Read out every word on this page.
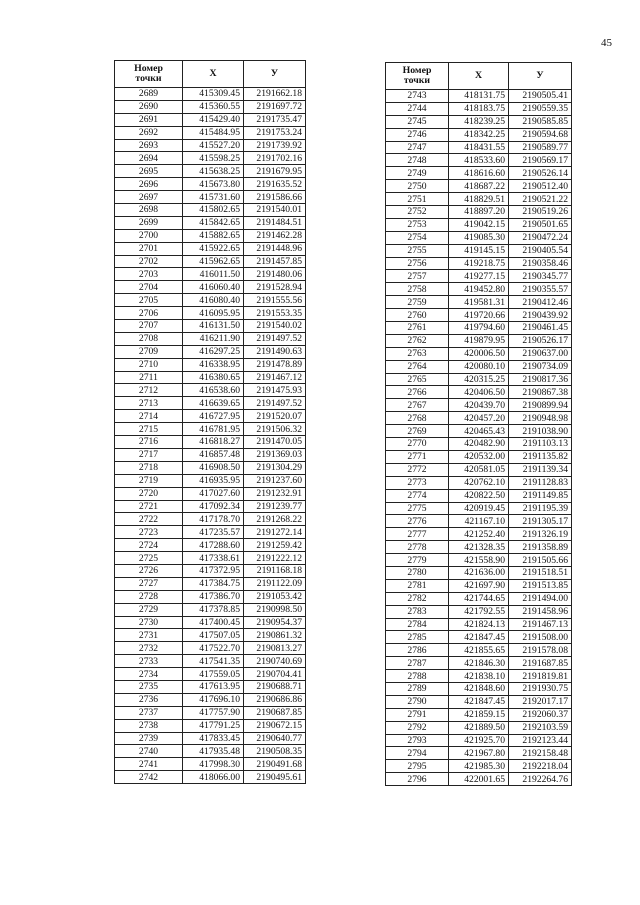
45
Номер
точки	X	У
2689	415309.45	2191662.18
2690	415360.55	2191697.72
2691	415429.40	2191735.47
2692	415484.95	2191753.24
2693	415527.20	2191739.92
2694	415598.25	2191702.16
2695	415638.25	2191679.95
2696	415673.80	2191635.52
2697	415731.60	2191586.66
2698	415802.65	2191540.01
2699	415842.65	2191484.51
2700	415882.65	2191462.28
2701	415922.65	2191448.96
2702	415962.65	2191457.85
2703	416011.50	2191480.06
2704	416060.40	2191528.94
2705	416080.40	2191555.56
2706	416095.95	2191553.35
2707	416131.50	2191540.02
2708	416211.90	2191497.52
2709	416297.25	2191490.63
2710	416338.95	2191478.89
2711	416380.65	2191467.12
2712	416538.60	2191475.93
2713	416639.65	2191497.52
2714	416727.95	2191520.07
2715	416781.95	2191506.32
2716	416818.27	2191470.05
2717	416857.48	2191369.03
2718	416908.50	2191304.29
2719	416935.95	2191237.60
2720	417027.60	2191232.91
2721	417092.34	2191239.77
2722	417178.70	2191268.22
2723	417235.57	2191272.14
2724	417288.60	2191259.42
2725	417338.61	2191222.12
2726	417372.95	2191168.18
2727	417384.75	2191122.09
2728	417386.70	2191053.42
2729	417378.85	2190998.50
2730	417400.45	2190954.37
2731	417507.05	2190861.32
2732	417522.70	2190813.27
2733	417541.35	2190740.69
2734	417559.05	2190704.41
2735	417613.95	2190688.71
2736	417696.10	2190686.86
2737	417757.90	2190687.85
2738	417791.25	2190672.15
2739	417833.45	2190640.77
2740	417935.48	2190508.35
2741	417998.30	2190491.68
2742	418066.00	2190495.61
Номер
точки	X	У
2743	418131.75	2190505.41
2744	418183.75	2190559.35
2745	418239.25	2190585.85
2746	418342.25	2190594.68
2747	418431.55	2190589.77
2748	418533.60	2190569.17
2749	418616.60	2190526.14
2750	418687.22	2190512.40
2751	418829.51	2190521.22
2752	418897.20	2190519.26
2753	419042.15	2190501.65
2754	419085.30	2190472.24
2755	419145.15	2190405.54
2756	419218.75	2190358.46
2757	419277.15	2190345.77
2758	419452.80	2190355.57
2759	419581.31	2190412.46
2760	419720.66	2190439.92
2761	419794.60	2190461.45
2762	419879.95	2190526.17
2763	420006.50	2190637.00
2764	420080.10	2190734.09
2765	420315.25	2190817.36
2766	420406.50	2190867.38
2767	420439.70	2190899.94
2768	420457.20	2190948.98
2769	420465.43	2191038.90
2770	420482.90	2191103.13
2771	420532.00	2191135.82
2772	420581.05	2191139.34
2773	420762.10	2191128.83
2774	420822.50	2191149.85
2775	420919.45	2191195.39
2776	421167.10	2191305.17
2777	421252.40	2191326.19
2778	421328.35	2191358.89
2779	421558.90	2191505.66
2780	421636.00	2191518.51
2781	421697.90	2191513.85
2782	421744.65	2191494.00
2783	421792.55	2191458.96
2784	421824.13	2191467.13
2785	421847.45	2191508.00
2786	421855.65	2191578.08
2787	421846.30	2191687.85
2788	421838.10	2191819.81
2789	421848.60	2191930.75
2790	421847.45	2192017.17
2791	421859.15	2192060.37
2792	421889.50	2192103.59
2793	421925.70	2192123.44
2794	421967.80	2192158.48
2795	421985.30	2192218.04
2796	422001.65	2192264.76
